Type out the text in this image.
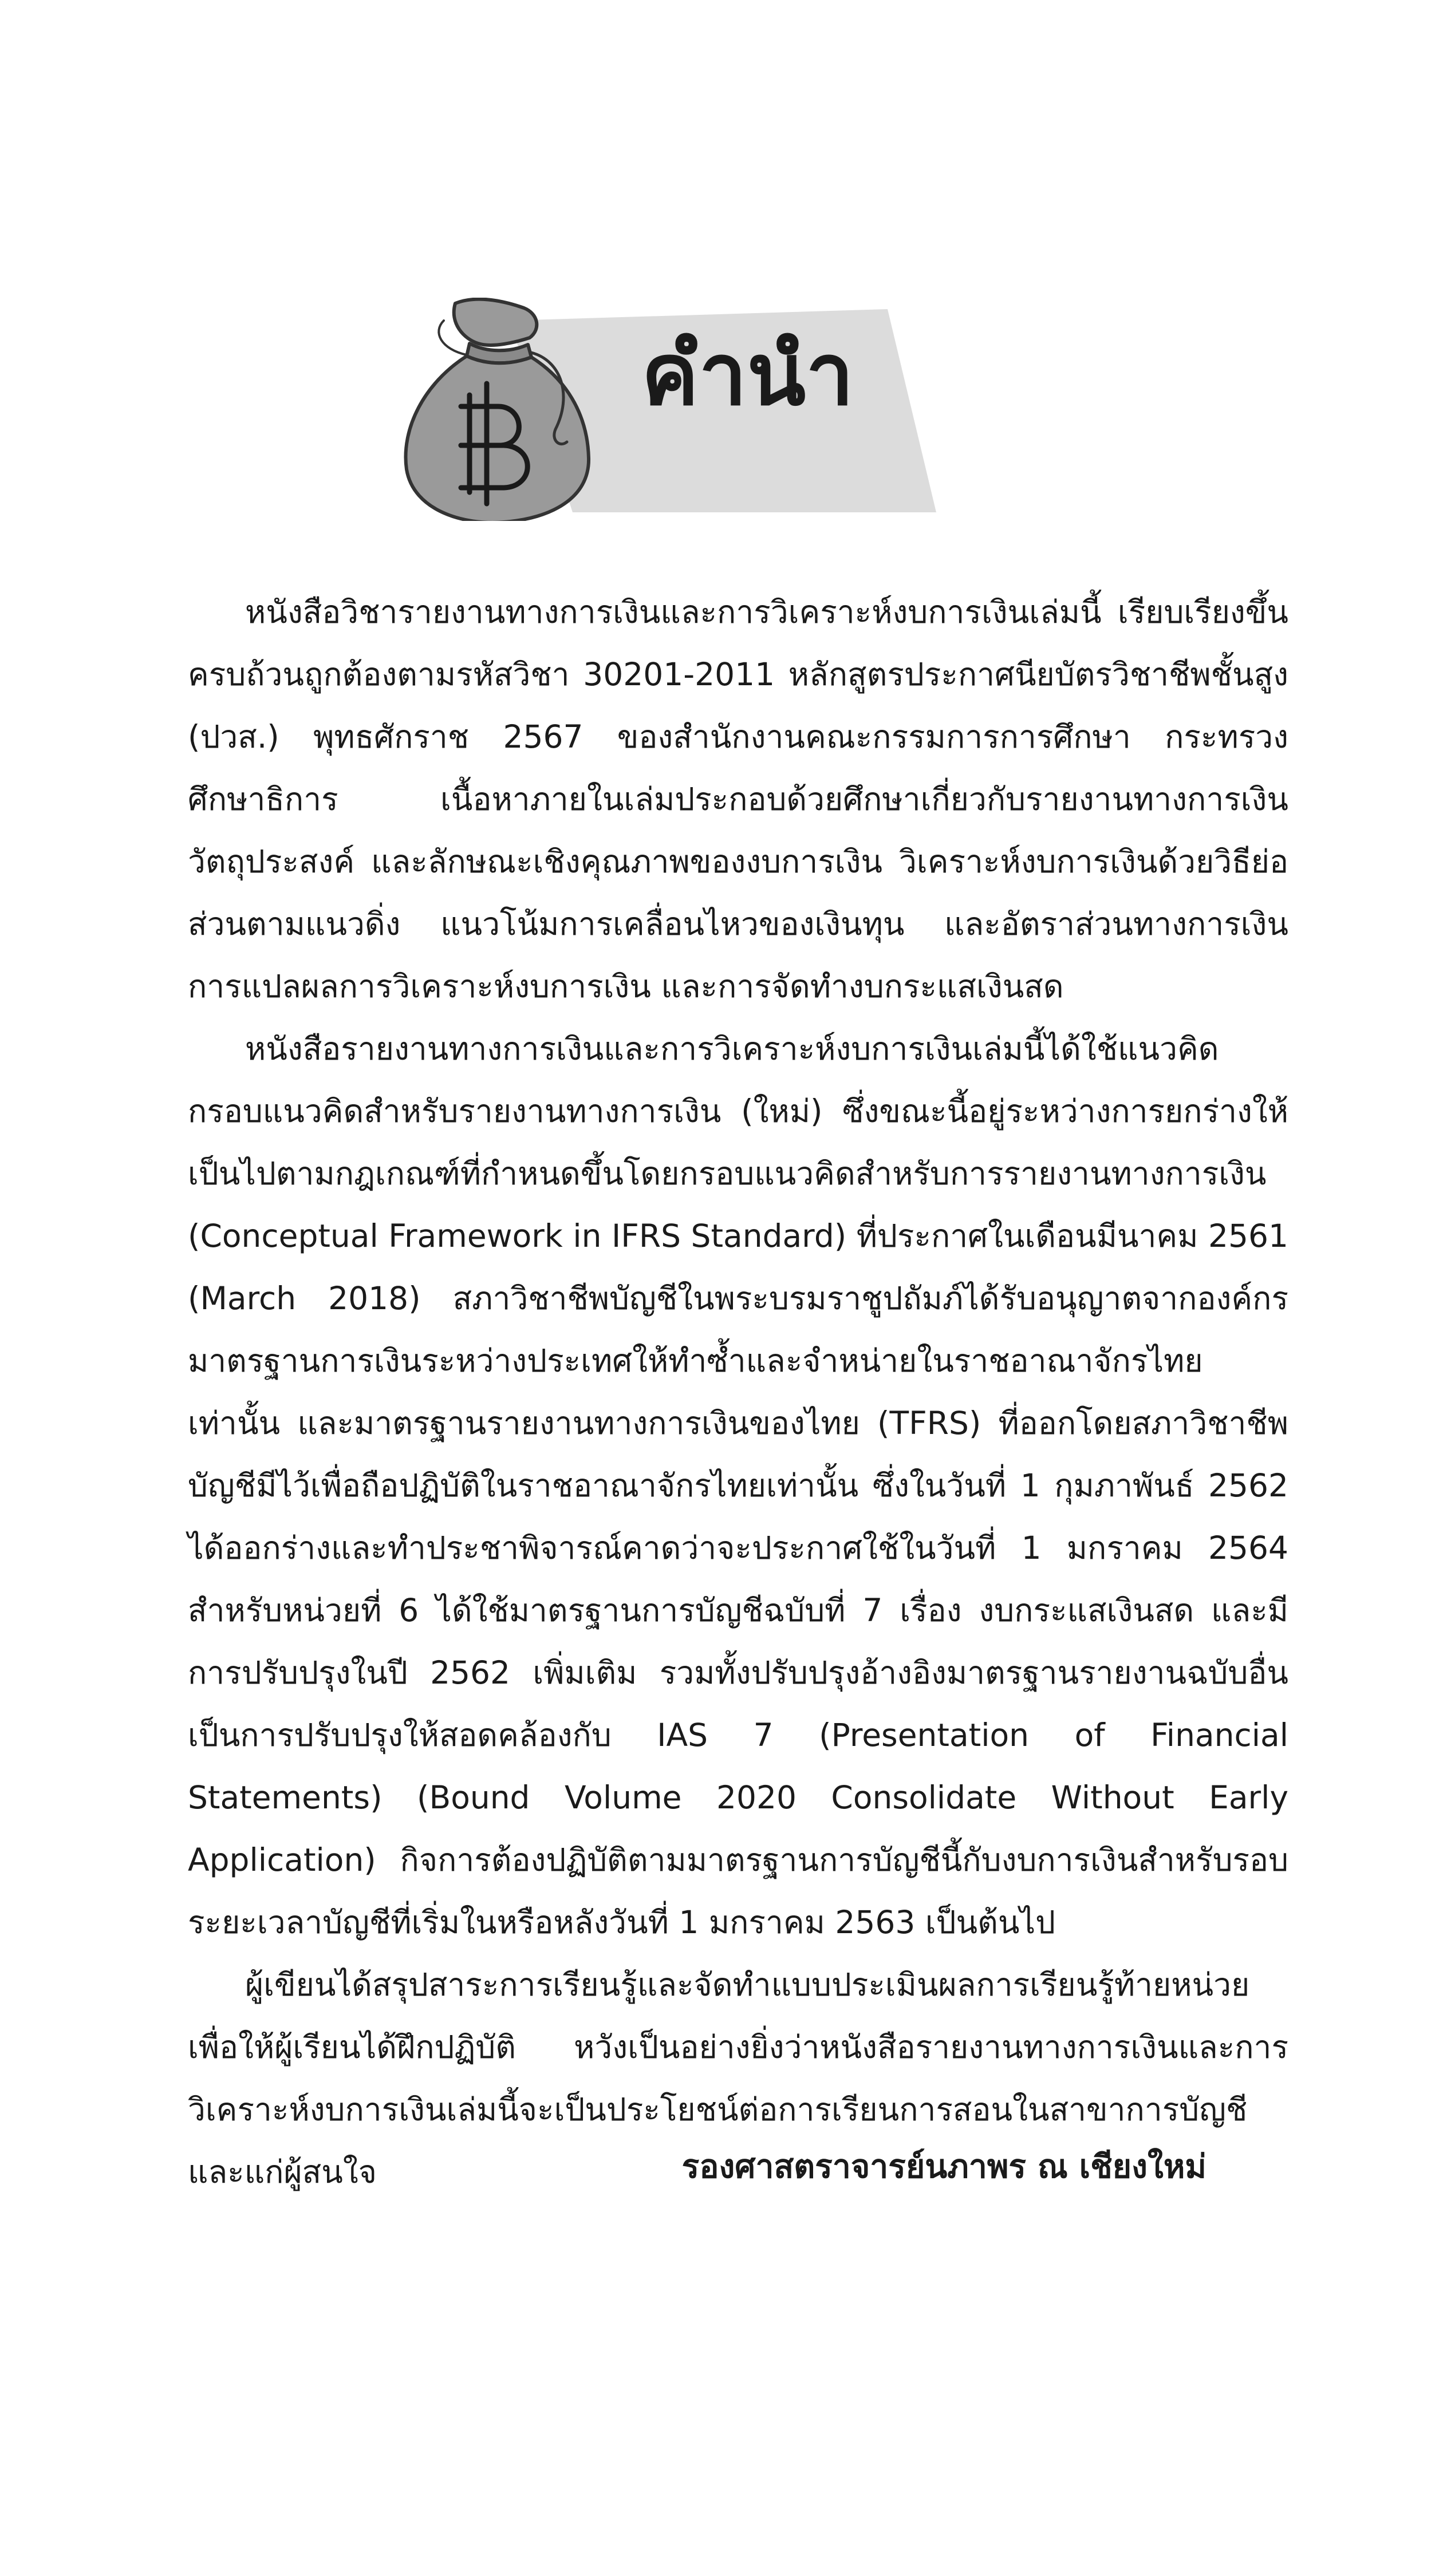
คำนำ

หนังสือวิชารายงานทางการเงินและการวิเคราะห์งบการเงินเล่มนี้ เรียบเรียงขึ้นครบถ้วนถูกต้องตามรหัสวิชา 30201-2011 หลักสูตรประกาศนียบัตรวิชาชีพชั้นสูง (ปวส.) พุทธศักราช 2567 ของสำนักงานคณะกรรมการการศึกษา กระทรวงศึกษาธิการ เนื้อหาภายในเล่มประกอบด้วยศึกษาเกี่ยวกับรายงานทางการเงิน วัตถุประสงค์ และลักษณะเชิงคุณภาพของงบการเงิน วิเคราะห์งบการเงินด้วยวิธีย่อส่วนตามแนวดิ่ง แนวโน้มการเคลื่อนไหวของเงินทุน และอัตราส่วนทางการเงิน การแปลผลการวิเคราะห์งบการเงิน และการจัดทำงบกระแสเงินสด

หนังสือรายงานทางการเงินและการวิเคราะห์งบการเงินเล่มนี้ได้ใช้แนวคิดกรอบแนวคิดสำหรับรายงานทางการเงิน (ใหม่) ซึ่งขณะนี้อยู่ระหว่างการยกร่างให้เป็นไปตามกฎเกณฑ์ที่กำหนดขึ้นโดยกรอบแนวคิดสำหรับการรายงานทางการเงิน (Conceptual Framework in IFRS Standard) ที่ประกาศในเดือนมีนาคม 2561 (March 2018) สภาวิชาชีพบัญชีในพระบรมราชูปถัมภ์ได้รับอนุญาตจากองค์กรมาตรฐานการเงินระหว่างประเทศให้ทำซ้ำและจำหน่ายในราชอาณาจักรไทยเท่านั้น และมาตรฐานรายงานทางการเงินของไทย (TFRS) ที่ออกโดยสภาวิชาชีพบัญชีมีไว้เพื่อถือปฏิบัติในราชอาณาจักรไทยเท่านั้น ซึ่งในวันที่ 1 กุมภาพันธ์ 2562 ได้ออกร่างและทำประชาพิจารณ์คาดว่าจะประกาศใช้ในวันที่ 1 มกราคม 2564 สำหรับหน่วยที่ 6 ได้ใช้มาตรฐานการบัญชีฉบับที่ 7 เรื่อง งบกระแสเงินสด และมีการปรับปรุงในปี 2562 เพิ่มเติม รวมทั้งปรับปรุงอ้างอิงมาตรฐานรายงานฉบับอื่น เป็นการปรับปรุงให้สอดคล้องกับ IAS 7 (Presentation of Financial Statements) (Bound Volume 2020 Consolidate Without Early Application) กิจการต้องปฏิบัติตามมาตรฐานการบัญชีนี้กับงบการเงินสำหรับรอบระยะเวลาบัญชีที่เริ่มในหรือหลังวันที่ 1 มกราคม 2563 เป็นต้นไป

ผู้เขียนได้สรุปสาระการเรียนรู้และจัดทำแบบประเมินผลการเรียนรู้ท้ายหน่วยเพื่อให้ผู้เรียนได้ฝึกปฏิบัติ หวังเป็นอย่างยิ่งว่าหนังสือรายงานทางการเงินและการวิเคราะห์งบการเงินเล่มนี้จะเป็นประโยชน์ต่อการเรียนการสอนในสาขาการบัญชีและแก่ผู้สนใจ	รองศาสตราจารย์นภาพร ณ เชียงใหม่
